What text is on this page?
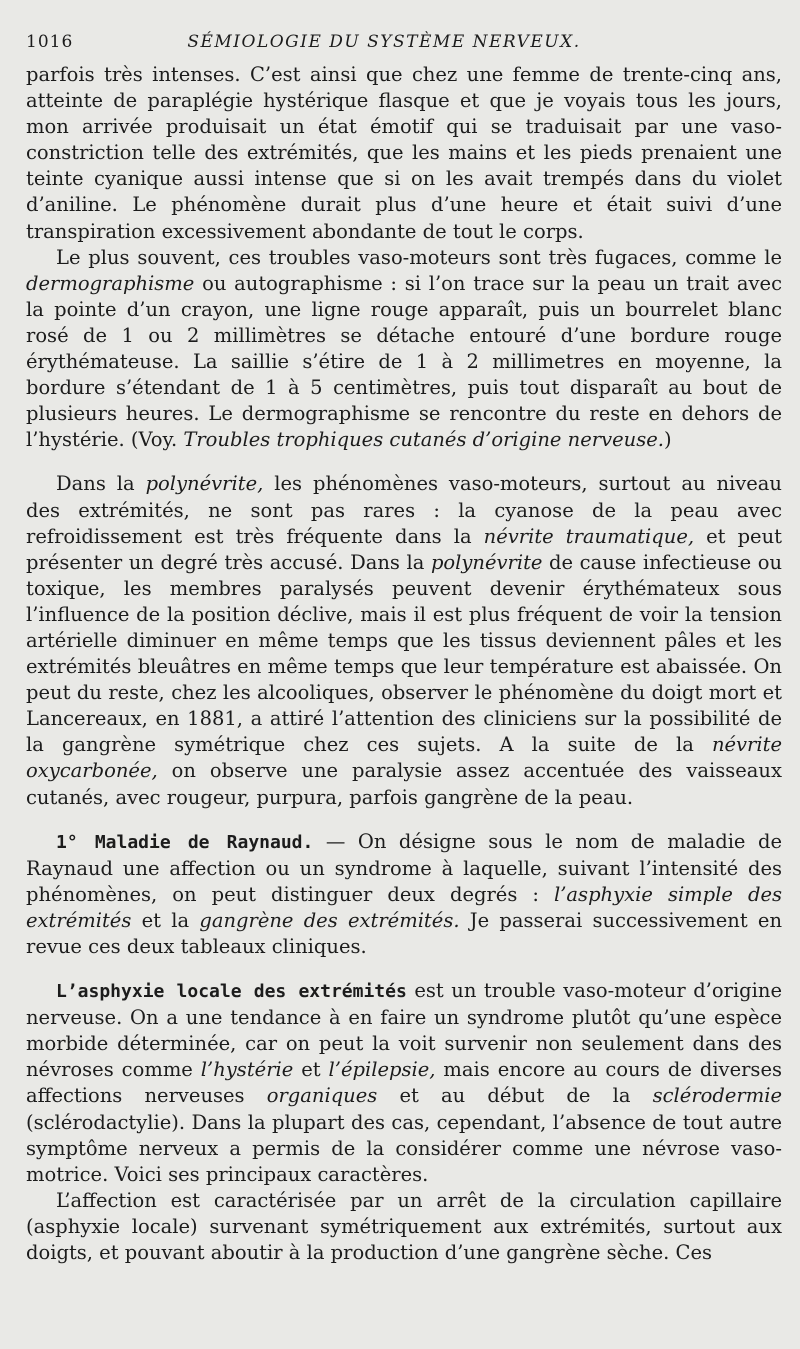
1016	SÉMIOLOGIE DU SYSTÈME NERVEUX.

parfois très intenses. C’est ainsi que chez une femme de trente-cinq ans, atteinte de paraplégie hystérique flasque et que je voyais tous les jours, mon arrivée produisait un état émotif qui se traduisait par une vaso-constriction telle des extrémités, que les mains et les pieds prenaient une teinte cyanique aussi intense que si on les avait trempés dans du violet d’aniline. Le phénomène durait plus d’une heure et était suivi d’une transpiration excessivement abondante de tout le corps.

Le plus souvent, ces troubles vaso-moteurs sont très fugaces, comme le dermographisme ou autographisme : si l’on trace sur la peau un trait avec la pointe d’un crayon, une ligne rouge apparaît, puis un bourrelet blanc rosé de 1 ou 2 millimètres se détache entouré d’une bordure rouge érythémateuse. La saillie s’étire de 1 à 2 millimetres en moyenne, la bordure s’étendant de 1 à 5 centimètres, puis tout disparaît au bout de plusieurs heures. Le dermographisme se rencontre du reste en dehors de l’hystérie. (Voy. Troubles trophiques cutanés d’origine nerveuse.)

Dans la polynévrite, les phénomènes vaso-moteurs, surtout au niveau des extrémités, ne sont pas rares : la cyanose de la peau avec refroidissement est très fréquente dans la névrite traumatique, et peut présenter un degré très accusé. Dans la polynévrite de cause infectieuse ou toxique, les membres paralysés peuvent devenir érythémateux sous l’influence de la position déclive, mais il est plus fréquent de voir la tension artérielle diminuer en même temps que les tissus deviennent pâles et les extrémités bleuâtres en même temps que leur température est abaissée. On peut du reste, chez les alcooliques, observer le phénomène du doigt mort et Lancereaux, en 1881, a attiré l’attention des cliniciens sur la possibilité de la gangrène symétrique chez ces sujets. A la suite de la névrite oxycarbonée, on observe une paralysie assez accentuée des vaisseaux cutanés, avec rougeur, purpura, parfois gangrène de la peau.

1° Maladie de Raynaud. — On désigne sous le nom de maladie de Raynaud une affection ou un syndrome à laquelle, suivant l’intensité des phénomènes, on peut distinguer deux degrés : l’asphyxie simple des extrémités et la gangrène des extrémités. Je passerai successivement en revue ces deux tableaux cliniques.

L’asphyxie locale des extrémités est un trouble vaso-moteur d’origine nerveuse. On a une tendance à en faire un syndrome plutôt qu’une espèce morbide déterminée, car on peut la voit survenir non seulement dans des névroses comme l’hystérie et l’épilepsie, mais encore au cours de diverses affections nerveuses organiques et au début de la sclérodermie (sclérodactylie). Dans la plupart des cas, cependant, l’absence de tout autre symptôme nerveux a permis de la considérer comme une névrose vaso-motrice. Voici ses principaux caractères.

L’affection est caractérisée par un arrêt de la circulation capillaire (asphyxie locale) survenant symétriquement aux extrémités, surtout aux doigts, et pouvant aboutir à la production d’une gangrène sèche. Ces
